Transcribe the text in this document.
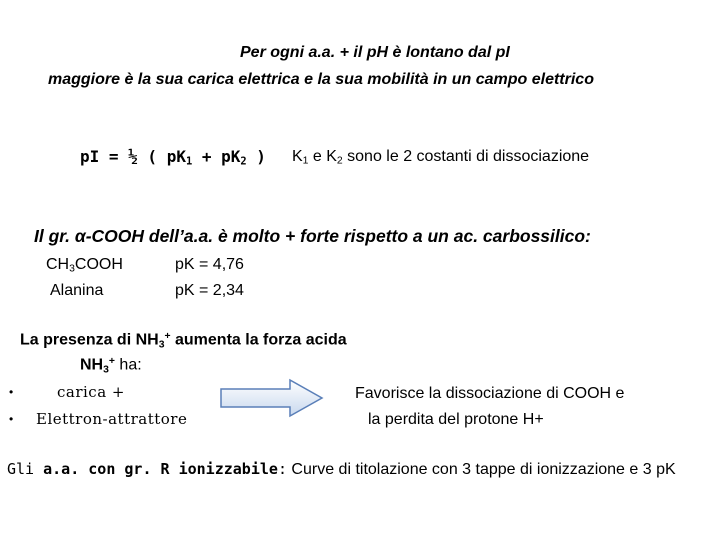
Per ogni a.a. + il pH è lontano dal pI
maggiore è la sua carica elettrica e la sua mobilità in un campo elettrico
pI = ½ ( $pK_1 + pK_2$ ) $K_1$ e $K_2$ sono le 2 costanti di dissociazione
Il gr. α-COOH dell’a.a. è molto + forte rispetto a un ac. carbossilico:
$CH_3COOH$	pK = 4,76
Alanina	pK = 2,34
La presenza di $NH_3^+$ aumenta la forza acida
$NH_3^+$ ha:
•	carica +
• Elettron-attrattore
Favorisce la dissociazione di COOH e
la perdita del protone H+
Gli a.a. con gr. R ionizzabile: Curve di titolazione con 3 tappe di ionizzazione e 3 pK
